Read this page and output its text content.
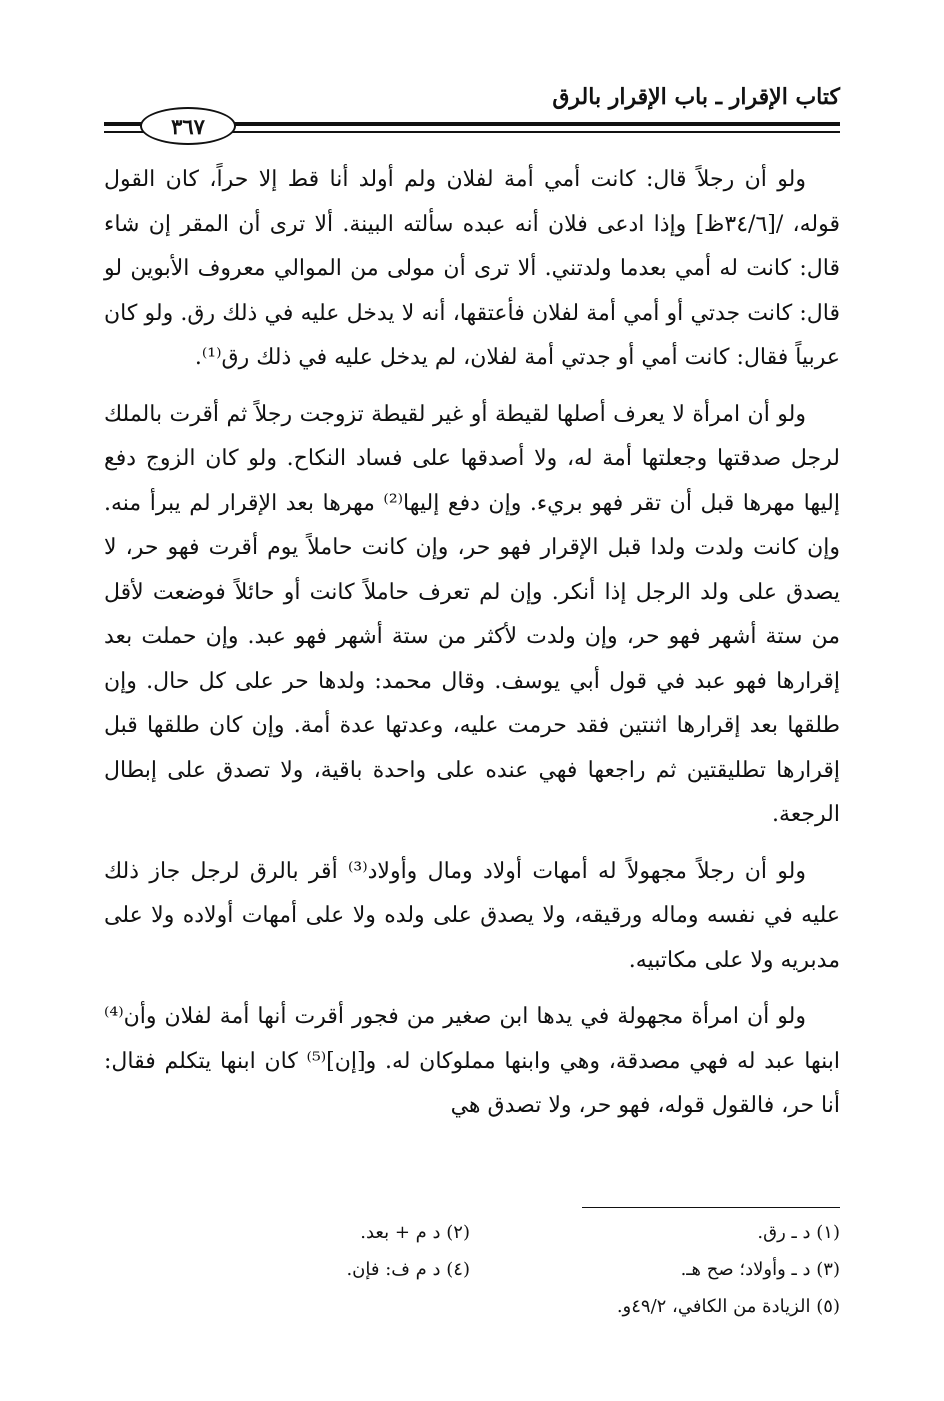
كتاب الإقرار ـ باب الإقرار بالرق
٣٦٧

ولو أن رجلاً قال: كانت أمي أمة لفلان ولم أولد أنا قط إلا حراً، كان القول قوله، /[٣٤/٦ظ] وإذا ادعى فلان أنه عبده سألته البينة. ألا ترى أن المقر إن شاء قال: كانت له أمي بعدما ولدتني. ألا ترى أن مولى من الموالي معروف الأبوين لو قال: كانت جدتي أو أمي أمة لفلان فأعتقها، أنه لا يدخل عليه في ذلك رق. ولو كان عربياً فقال: كانت أمي أو جدتي أمة لفلان، لم يدخل عليه في ذلك رق⁽¹⁾.

ولو أن امرأة لا يعرف أصلها لقيطة أو غير لقيطة تزوجت رجلاً ثم أقرت بالملك لرجل صدقتها وجعلتها أمة له، ولا أصدقها على فساد النكاح. ولو كان الزوج دفع إليها مهرها قبل أن تقر فهو بريء. وإن دفع إليها⁽²⁾ مهرها بعد الإقرار لم يبرأ منه. وإن كانت ولدت ولدا قبل الإقرار فهو حر، وإن كانت حاملاً يوم أقرت فهو حر، لا يصدق على ولد الرجل إذا أنكر. وإن لم تعرف حاملاً كانت أو حائلاً فوضعت لأقل من ستة أشهر فهو حر، وإن ولدت لأكثر من ستة أشهر فهو عبد. وإن حملت بعد إقرارها فهو عبد في قول أبي يوسف. وقال محمد: ولدها حر على كل حال. وإن طلقها بعد إقرارها اثنتين فقد حرمت عليه، وعدتها عدة أمة. وإن كان طلقها قبل إقرارها تطليقتين ثم راجعها فهي عنده على واحدة باقية، ولا تصدق على إبطال الرجعة.

ولو أن رجلاً مجهولاً له أمهات أولاد ومال وأولاد⁽³⁾ أقر بالرق لرجل جاز ذلك عليه في نفسه وماله ورقيقه، ولا يصدق على ولده ولا على أمهات أولاده ولا على مدبريه ولا على مكاتبيه.

ولو أن امرأة مجهولة في يدها ابن صغير من فجور أقرت أنها أمة لفلان وأن⁽⁴⁾ ابنها عبد له فهي مصدقة، وهي وابنها مملوكان له. و[إن]⁽⁵⁾ كان ابنها يتكلم فقال: أنا حر، فالقول قوله، فهو حر، ولا تصدق هي

(١) د ـ رق.
(٢) د م + بعد.
(٣) د ـ وأولاد؛ صح هـ.
(٤) د م ف: فإن.
(٥) الزيادة من الكافي، ٤٩/٢و.
